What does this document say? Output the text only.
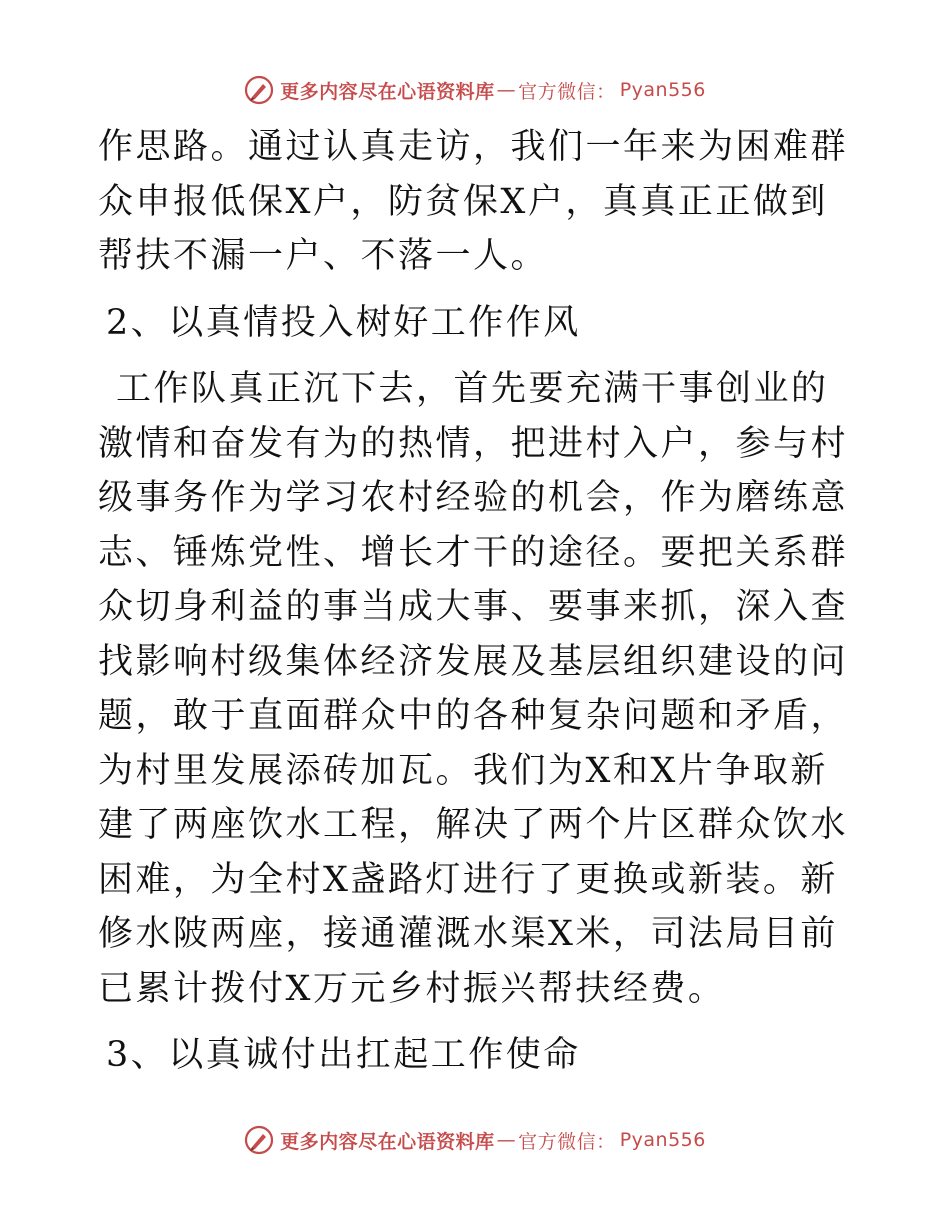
更多内容尽在心语资料库 — 官方微信： Pyan556

作思路。通过认真走访，我们一年来为困难群众申报低保X户，防贫保X户，真真正正做到帮扶不漏一户、不落一人。

2、以真情投入树好工作作风

工作队真正沉下去，首先要充满干事创业的激情和奋发有为的热情，把进村入户，参与村级事务作为学习农村经验的机会，作为磨练意志、锤炼党性、增长才干的途径。要把关系群众切身利益的事当成大事、要事来抓，深入查找影响村级集体经济发展及基层组织建设的问题，敢于直面群众中的各种复杂问题和矛盾，为村里发展添砖加瓦。我们为X和X片争取新建了两座饮水工程，解决了两个片区群众饮水困难，为全村X盏路灯进行了更换或新装。新修水陂两座，接通灌溉水渠X米，司法局目前已累计拨付X万元乡村振兴帮扶经费。

3、以真诚付出扛起工作使命

更多内容尽在心语资料库 — 官方微信： Pyan556
